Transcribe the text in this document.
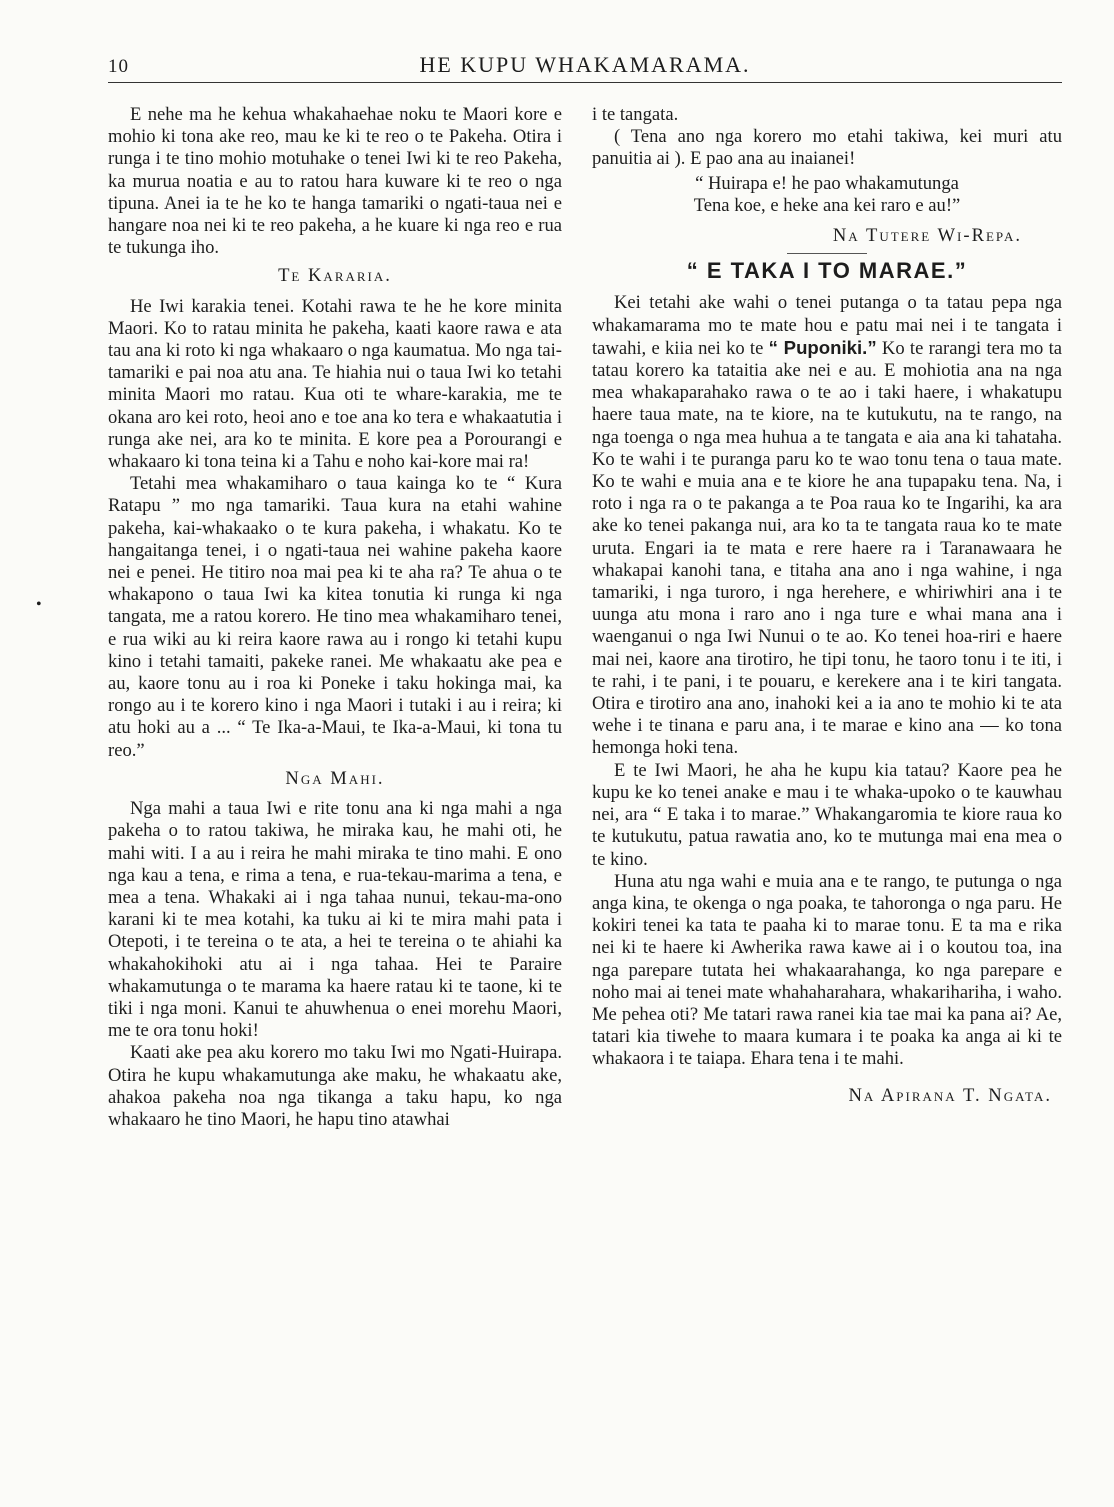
10	HE KUPU WHAKAMARAMA.
•

E nehe ma he kehua whakahaehae noku te Maori kore e mohio ki tona ake reo, mau ke ki te reo o te Pakeha. Otira i runga i te tino mohio motuhake o tenei Iwi ki te reo Pakeha, ka murua noatia e au to ratou hara kuware ki te reo o nga tipuna. Anei ia te he ko te hanga tamariki o ngati-taua nei e hangare noa nei ki te reo pakeha, a he kuare ki nga reo e rua te tukunga iho.

Te Kararia.

He Iwi karakia tenei. Kotahi rawa te he he kore minita Maori. Ko to ratau minita he pakeha, kaati kaore rawa e ata tau ana ki roto ki nga whakaaro o nga kaumatua. Mo nga tai-tamariki e pai noa atu ana. Te hiahia nui o taua Iwi ko tetahi minita Maori mo ratau. Kua oti te whare-karakia, me te okana aro kei roto, heoi ano e toe ana ko tera e whakaatutia i runga ake nei, ara ko te minita. E kore pea a Porourangi e whakaaro ki tona teina ki a Tahu e noho kai-kore mai ra!

Tetahi mea whakamiharo o taua kainga ko te “ Kura Ratapu ” mo nga tamariki. Taua kura na etahi wahine pakeha, kai-whakaako o te kura pakeha, i whakatu. Ko te hangaitanga tenei, i o ngati-taua nei wahine pakeha kaore nei e penei. He titiro noa mai pea ki te aha ra? Te ahua o te whakapono o taua Iwi ka kitea tonutia ki runga ki nga tangata, me a ratou korero. He tino mea whakamiharo tenei, e rua wiki au ki reira kaore rawa au i rongo ki tetahi kupu kino i tetahi tamaiti, pakeke ranei. Me whakaatu ake pea e au, kaore tonu au i roa ki Poneke i taku hokinga mai, ka rongo au i te korero kino i nga Maori i tutaki i au i reira; ki atu hoki au a ... “ Te Ika-a-Maui, te Ika-a-Maui, ki tona tu reo.”

Nga Mahi.

Nga mahi a taua Iwi e rite tonu ana ki nga mahi a nga pakeha o to ratou takiwa, he miraka kau, he mahi oti, he mahi witi. I a au i reira he mahi miraka te tino mahi. E ono nga kau a tena, e rima a tena, e rua-tekau-marima a tena, e mea a tena. Whakaki ai i nga tahaa nunui, tekau-ma-ono karani ki te mea kotahi, ka tuku ai ki te mira mahi pata i Otepoti, i te tereina o te ata, a hei te tereina o te ahiahi ka whakahokihoki atu ai i nga tahaa. Hei te Paraire whakamutunga o te marama ka haere ratau ki te taone, ki te tiki i nga moni. Kanui te ahuwhenua o enei morehu Maori, me te ora tonu hoki!

Kaati ake pea aku korero mo taku Iwi mo Ngati-Huirapa. Otira he kupu whakamutunga ake maku, he whakaatu ake, ahakoa pakeha noa nga tikanga a taku hapu, ko nga whakaaro he tino Maori, he hapu tino atawhai

i te tangata.

( Tena ano nga korero mo etahi takiwa, kei muri atu panuitia ai ). E pao ana au inaianei!

“ Huirapa e! he pao whakamutunga
Tena koe, e heke ana kei raro e au!”
Na Tutere Wi-Repa.
“ E TAKA I TO MARAE.”

Kei tetahi ake wahi o tenei putanga o ta tatau pepa nga whakamarama mo te mate hou e patu mai nei i te tangata i tawahi, e kiia nei ko te “ Puponiki.” Ko te rarangi tera mo ta tatau korero ka tataitia ake nei e au. E mohiotia ana na nga mea whakaparahako rawa o te ao i taki haere, i whakatupu haere taua mate, na te kiore, na te kutukutu, na te rango, na nga toenga o nga mea huhua a te tangata e aia ana ki tahataha. Ko te wahi i te puranga paru ko te wao tonu tena o taua mate. Ko te wahi e muia ana e te kiore he ana tupapaku tena. Na, i roto i nga ra o te pakanga a te Poa raua ko te Ingarihi, ka ara ake ko tenei pakanga nui, ara ko ta te tangata raua ko te mate uruta. Engari ia te mata e rere haere ra i Taranawaara he whakapai kanohi tana, e titaha ana ano i nga wahine, i nga tamariki, i nga turoro, i nga herehere, e whiriwhiri ana i te uunga atu mona i raro ano i nga ture e whai mana ana i waenganui o nga Iwi Nunui o te ao. Ko tenei hoa-riri e haere mai nei, kaore ana tirotiro, he tipi tonu, he taoro tonu i te iti, i te rahi, i te pani, i te pouaru, e kerekere ana i te kiri tangata. Otira e tirotiro ana ano, inahoki kei a ia ano te mohio ki te ata wehe i te tinana e paru ana, i te marae e kino ana — ko tona hemonga hoki tena.

E te Iwi Maori, he aha he kupu kia tatau? Kaore pea he kupu ke ko tenei anake e mau i te whaka-upoko o te kauwhau nei, ara “ E taka i to marae.” Whakangaromia te kiore raua ko te kutukutu, patua rawatia ano, ko te mutunga mai ena mea o te kino.

Huna atu nga wahi e muia ana e te rango, te putunga o nga anga kina, te okenga o nga poaka, te tahoronga o nga paru. He kokiri tenei ka tata te paaha ki to marae tonu. E ta ma e rika nei ki te haere ki Awherika rawa kawe ai i o koutou toa, ina nga parepare tutata hei whakaarahanga, ko nga parepare e noho mai ai tenei mate whahaharahara, whakarihariha, i waho. Me pehea oti? Me tatari rawa ranei kia tae mai ka pana ai? Ae, tatari kia tiwehe to maara kumara i te poaka ka anga ai ki te whakaora i te taiapa. Ehara tena i te mahi.

Na Apirana T. Ngata.
